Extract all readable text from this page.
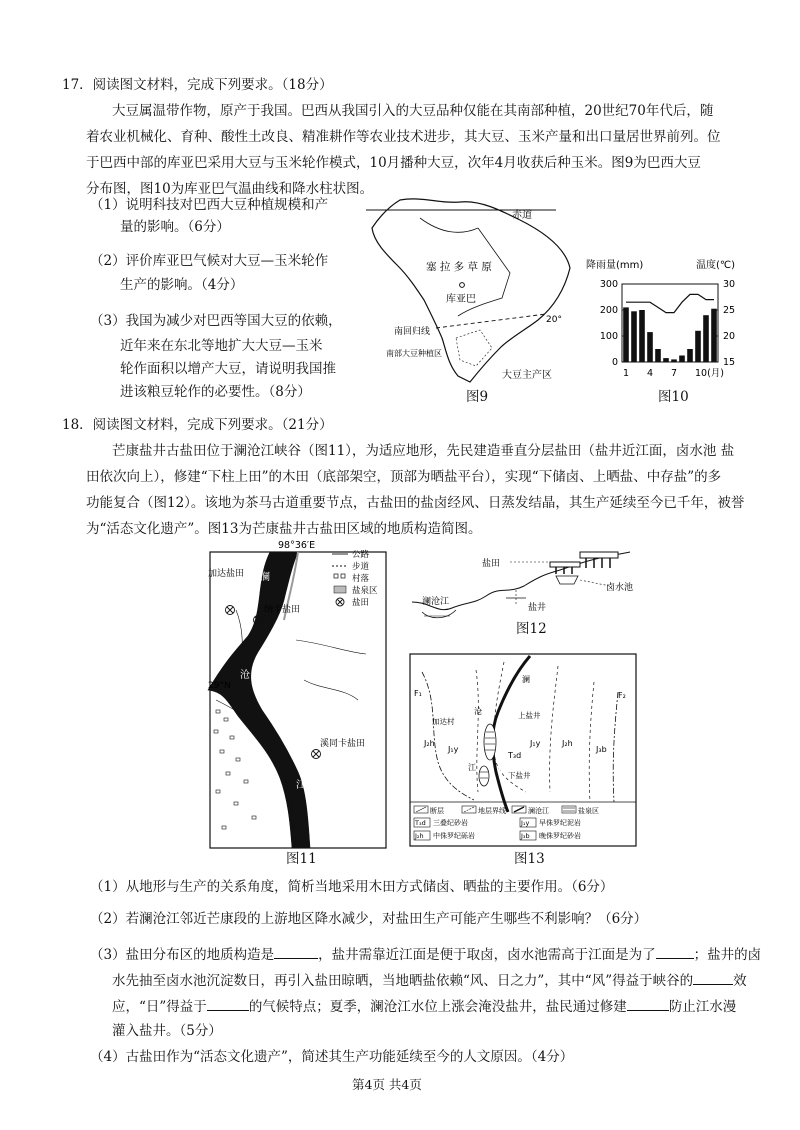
17．阅读图文材料，完成下列要求。（18分）
大豆属温带作物，原产于我国。巴西从我国引入的大豆品种仅能在其南部种植，20世纪70年代后，随
着农业机械化、育种、酸性土改良、精准耕作等农业技术进步，其大豆、玉米产量和出口量居世界前列。位
于巴西中部的库亚巴采用大豆与玉米轮作模式，10月播种大豆，次年4月收获后种玉米。图9为巴西大豆
分布图，图10为库亚巴气温曲线和降水柱状图。
（1）说明科技对巴西大豆种植规模和产
量的影响。（6分）
（2）评价库亚巴气候对大豆—玉米轮作
生产的影响。（4分）
（3）我国为减少对巴西等国大豆的依赖，
近年来在东北等地扩大大豆—玉米
轮作面积以增产大豆，请说明我国推
进该粮豆轮作的必要性。（8分）
赤道
塞 拉 多 草 原
库亚巴
20°
南回归线
南部大豆种植区
大豆主产区
图9
降雨量(mm)	温度(℃)
300
200
100
0
30
25
20
15
1 4 7 10(月)
图10
18．阅读图文材料，完成下列要求。（21分）
芒康盐井古盐田位于澜沧江峡谷（图11），为适应地形，先民建造垂直分层盐田（盐井近江面，卤水池 盐
田依次向上），修建“下柱上田”的木田（底部架空，顶部为晒盐平台），实现“下储卤、上晒盐、中存盐”的多
功能复合（图12）。该地为茶马古道重要节点，古盐田的盐卤经风、日蒸发结晶，其生产延续至今已千年，被誉
为“活态文化遗产”。图13为芒康盐井古盐田区域的地质构造简图。
98°36′E
29°N
加达盐田
纳卡盐田
溪同卡盐田
澜
沧
江
公路
步道
村落
盐泉区
盐田
图11
盐田
卤水池
澜沧江
盐井
图12
F₁	F₂
澜
沧
江
加达村
上盐井
下盐井
J₂h
J₁y
T₃d
J₁y	J₂h
J₃b
断层	地层界线	澜沧江	盐泉区
T₃d 三叠纪砂岩	J₁y 早侏罗纪泥岩
J₂h 中侏罗纪砾岩	J₃b 晚侏罗纪砂岩
图13
（1）从地形与生产的关系角度，简析当地采用木田方式储卤、晒盐的主要作用。（6分）
（2）若澜沧江邻近芒康段的上游地区降水减少，对盐田生产可能产生哪些不利影响？（6分）
（3）盐田分布区的地质构造是	，盐井需靠近江面是便于取卤，卤水池需高于江面是为了	；盐井的卤
水先抽至卤水池沉淀数日，再引入盐田晾晒，当地晒盐依赖“风、日之力”，其中“风”得益于峡谷的	效
应，“日”得益于	的气候特点；夏季，澜沧江水位上涨会淹没盐井，盐民通过修建	防止江水漫
灌入盐井。（5分）
（4）古盐田作为“活态文化遗产”，简述其生产功能延续至今的人文原因。（4分）
第4页 共4页
